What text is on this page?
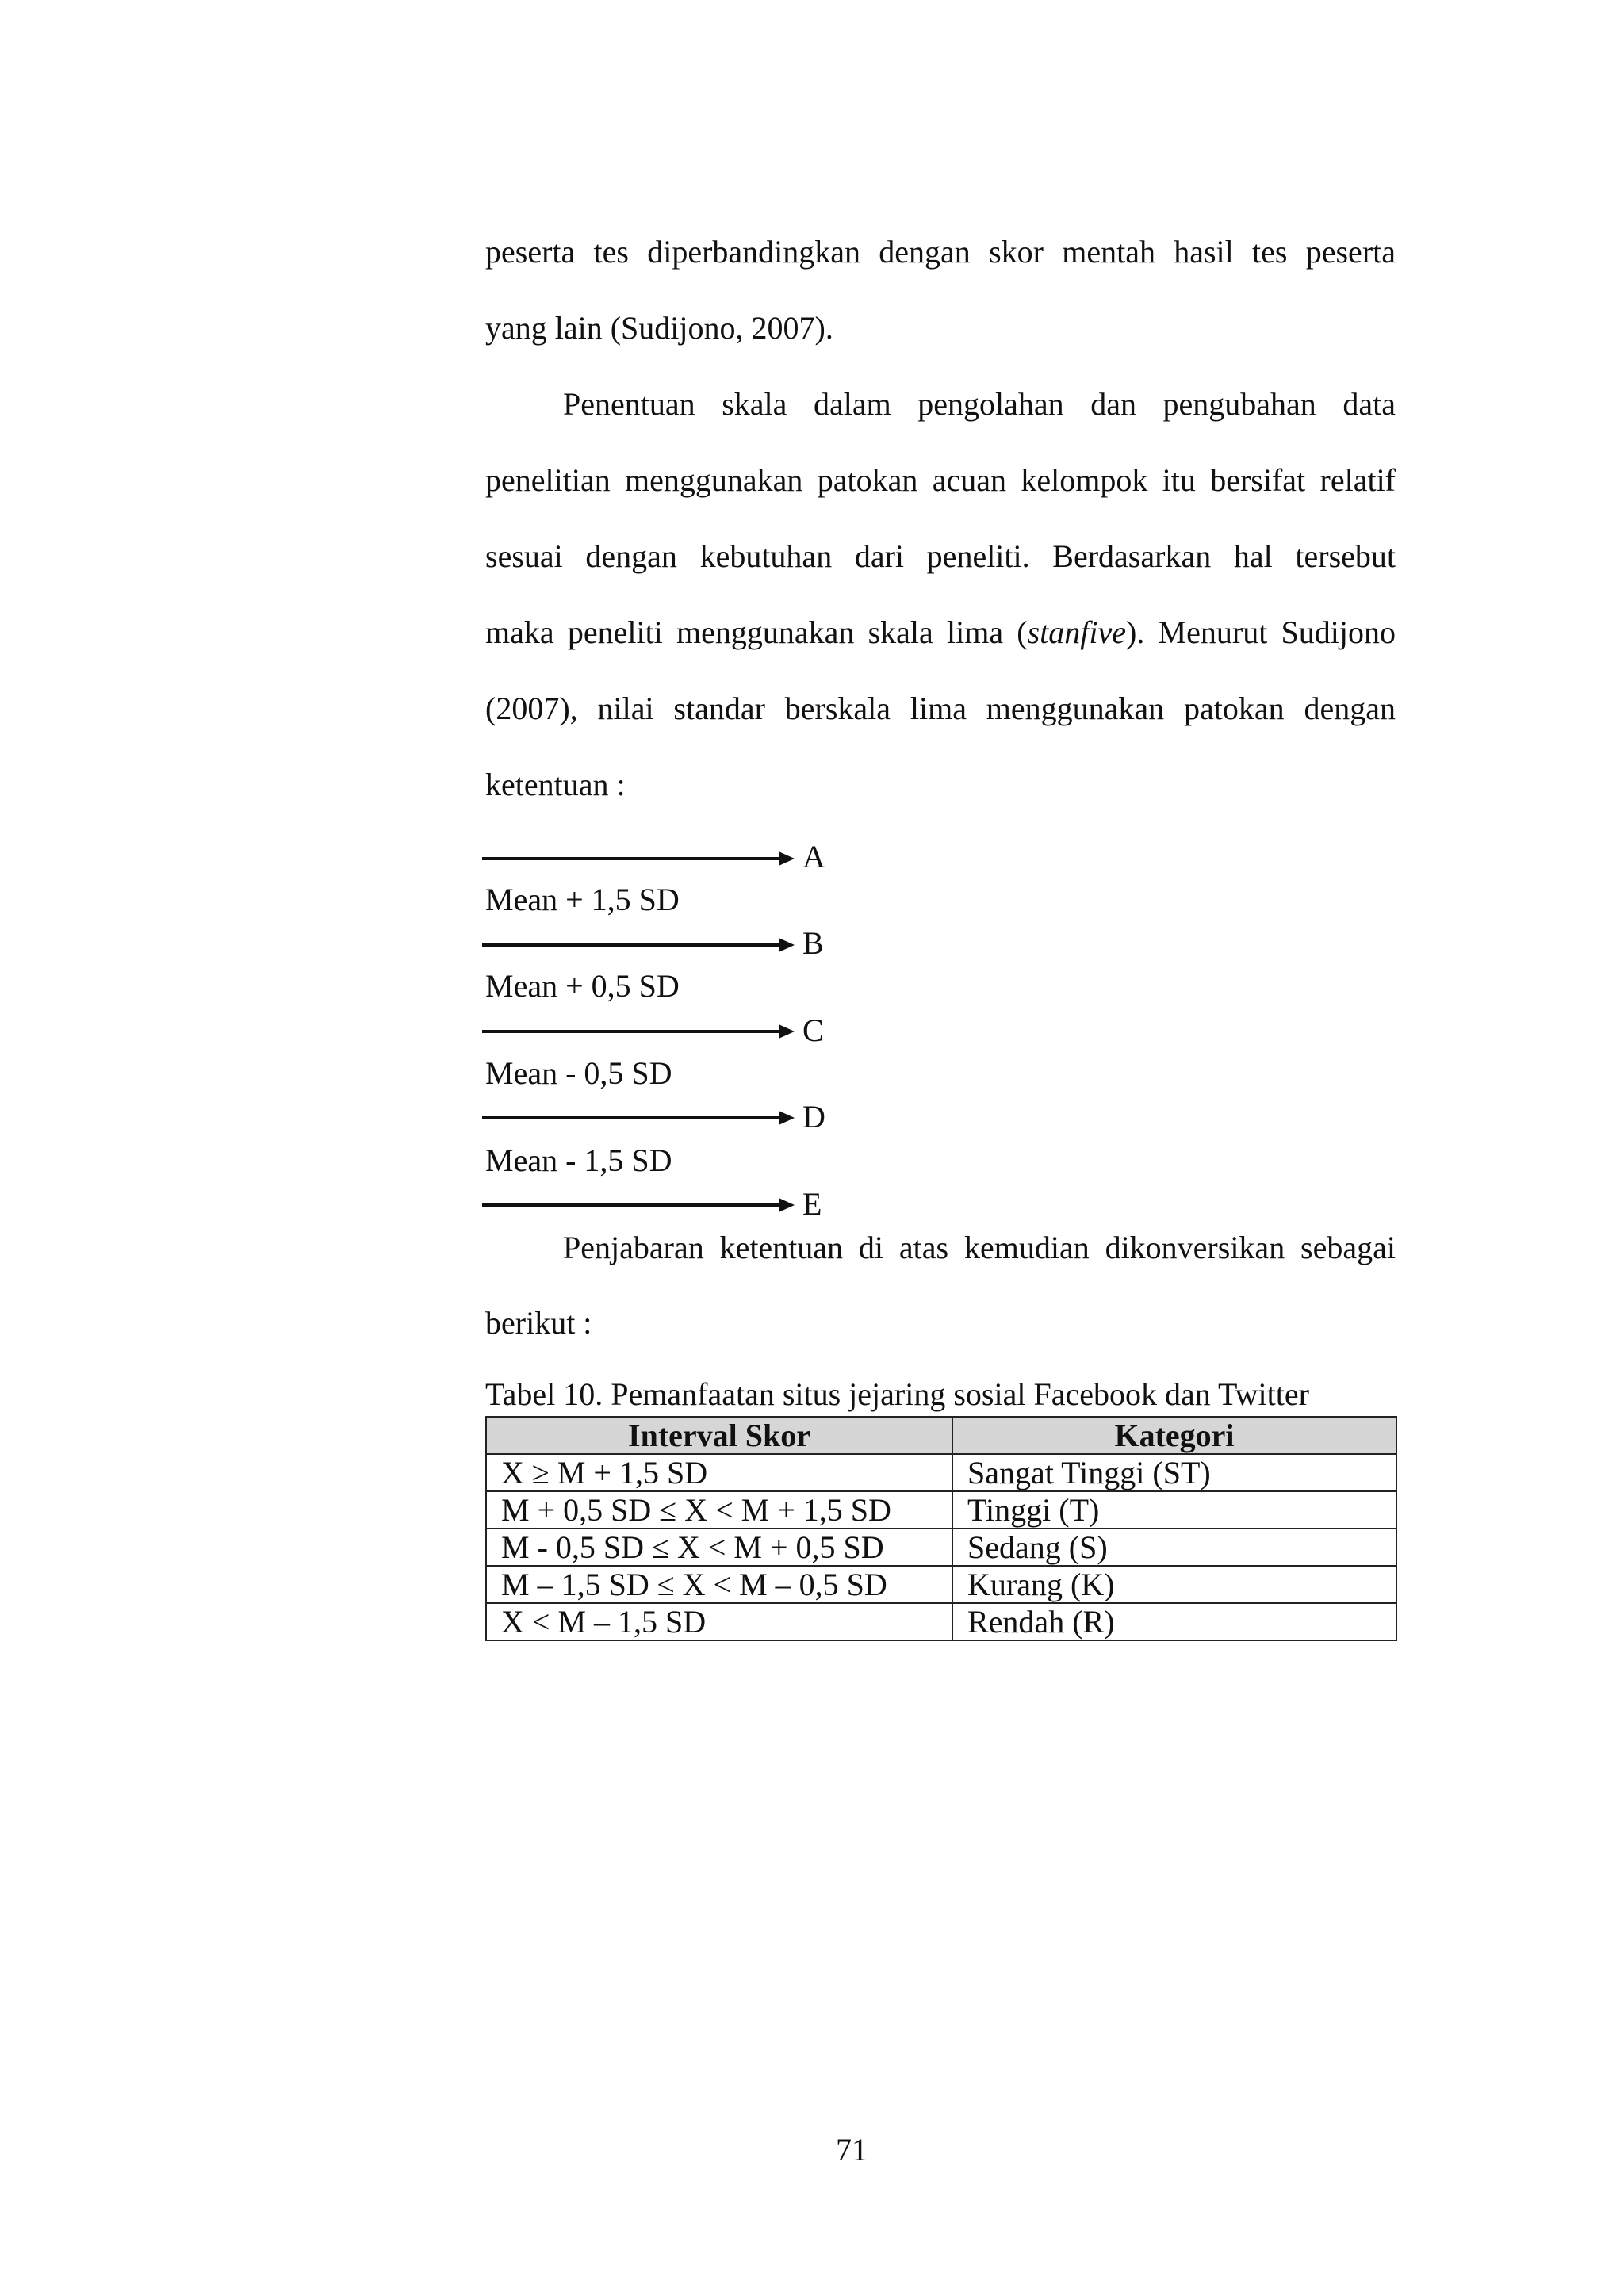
peserta tes diperbandingkan dengan skor mentah hasil tes peserta
yang lain (Sudijono, 2007).
Penentuan skala dalam pengolahan dan pengubahan data
penelitian menggunakan patokan acuan kelompok itu bersifat relatif
sesuai dengan kebutuhan dari peneliti. Berdasarkan hal tersebut
maka peneliti menggunakan skala lima (stanfive). Menurut Sudijono
(2007), nilai standar berskala lima menggunakan patokan dengan
ketentuan :
A
Mean + 1,5 SD
B
Mean + 0,5 SD
C
Mean - 0,5 SD
D
Mean - 1,5 SD
E
Penjabaran ketentuan di atas kemudian dikonversikan sebagai
berikut :
Tabel 10. Pemanfaatan situs jejaring sosial Facebook dan Twitter
Interval Skor	Kategori
X ≥ M + 1,5 SD	Sangat Tinggi (ST)
M + 0,5 SD ≤ X < M + 1,5 SD	Tinggi (T)
M - 0,5 SD ≤ X < M + 0,5 SD	Sedang (S)
M – 1,5 SD ≤ X < M – 0,5 SD	Kurang (K)
X < M – 1,5 SD	Rendah (R)
71
